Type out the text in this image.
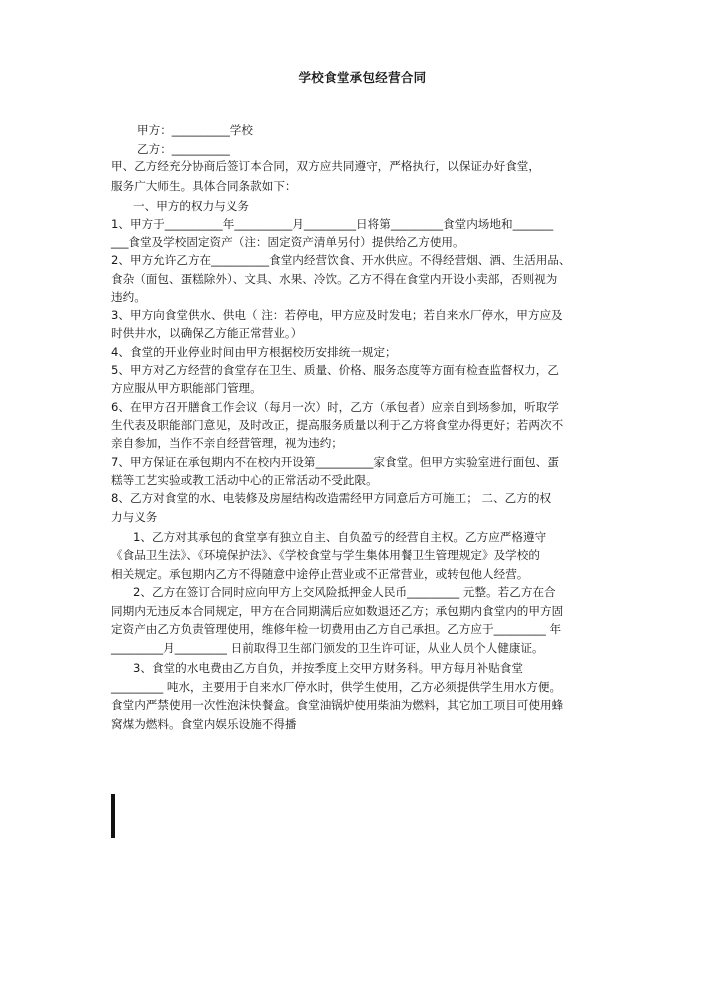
学校食堂承包经营合同
甲方：__________学校
乙方：__________
甲、乙方经充分协商后签订本合同，双方应共同遵守，严格执行，以保证办好食堂，
服务广大师生。具体合同条款如下：
一、甲方的权力与义务
1、甲方于__________年__________月_________日将第_________食堂内场地和_______
___食堂及学校固定资产（注：固定资产清单另付）提供给乙方使用。
2、甲方允许乙方在__________食堂内经营饮食、开水供应。不得经营烟、酒、生活用品、
食杂（面包、蛋糕除外）、文具、水果、冷饮。乙方不得在食堂内开设小卖部，否则视为
违约。
3、甲方向食堂供水、供电（ 注：若停电，甲方应及时发电；若自来水厂停水，甲方应及
时供井水，以确保乙方能正常营业。）
4、食堂的开业停业时间由甲方根据校历安排统一规定；
5、甲方对乙方经营的食堂存在卫生、质量、价格、服务态度等方面有检查监督权力，乙
方应服从甲方职能部门管理。
6、在甲方召开膳食工作会议（每月一次）时，乙方（承包者）应亲自到场参加，听取学
生代表及职能部门意见，及时改正，提高服务质量以利于乙方将食堂办得更好；若两次不
亲自参加，当作不亲自经营管理，视为违约；
7、甲方保证在承包期内不在校内开设第__________家食堂。但甲方实验室进行面包、蛋
糕等工艺实验或教工活动中心的正常活动不受此限。
8、乙方对食堂的水、电装修及房屋结构改造需经甲方同意后方可施工； 二、乙方的权
力与义务
1、乙方对其承包的食堂享有独立自主、自负盈亏的经营自主权。乙方应严格遵守
《食品卫生法》、《环境保护法》、《学校食堂与学生集体用餐卫生管理规定》及学校的
相关规定。承包期内乙方不得随意中途停止营业或不正常营业，或转包他人经营。
2、乙方在签订合同时应向甲方上交风险抵押金人民币_________ 元整。若乙方在合
同期内无违反本合同规定，甲方在合同期满后应如数退还乙方；承包期内食堂内的甲方固
定资产由乙方负责管理使用，维修年检一切费用由乙方自己承担。乙方应于_________ 年
_________月_________ 日前取得卫生部门颁发的卫生许可证，从业人员个人健康证。
3、食堂的水电费由乙方自负，并按季度上交甲方财务科。甲方每月补贴食堂
_________ 吨水，主要用于自来水厂停水时，供学生使用，乙方必须提供学生用水方便。
食堂内严禁使用一次性泡沫快餐盒。食堂油锅炉使用柴油为燃料，其它加工项目可使用蜂
窝煤为燃料。食堂内娱乐设施不得播
